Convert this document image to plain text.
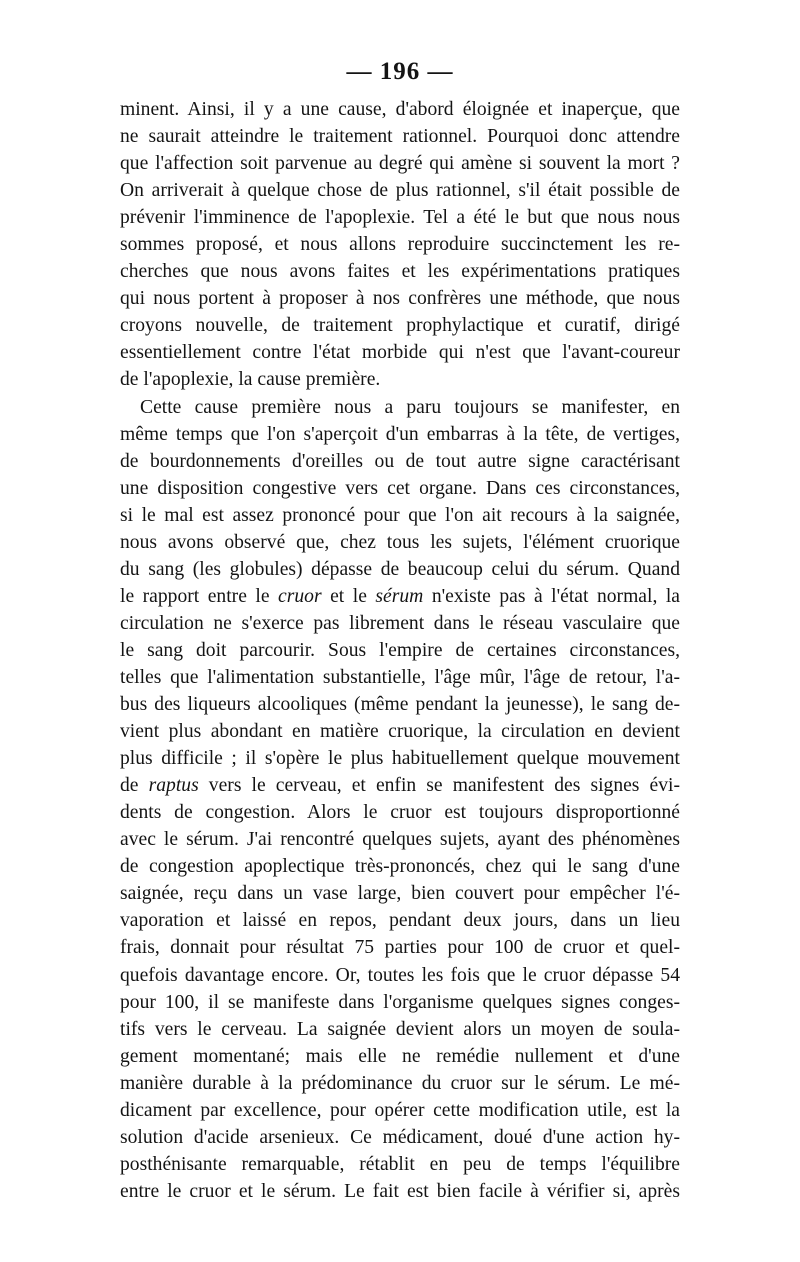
— 196 —
minent. Ainsi, il y a une cause, d'abord éloignée et inaperçue, que
ne saurait atteindre le traitement rationnel. Pourquoi donc attendre
que l'affection soit parvenue au degré qui amène si souvent la mort ?
On arriverait à quelque chose de plus rationnel, s'il était possible de
prévenir l'imminence de l'apoplexie. Tel a été le but que nous nous
sommes proposé, et nous allons reproduire succinctement les re-
cherches que nous avons faites et les expérimentations pratiques
qui nous portent à proposer à nos confrères une méthode, que nous
croyons nouvelle, de traitement prophylactique et curatif, dirigé
essentiellement contre l'état morbide qui n'est que l'avant-coureur
de l'apoplexie, la cause première.
Cette cause première nous a paru toujours se manifester, en
même temps que l'on s'aperçoit d'un embarras à la tête, de vertiges,
de bourdonnements d'oreilles ou de tout autre signe caractérisant
une disposition congestive vers cet organe. Dans ces circonstances,
si le mal est assez prononcé pour que l'on ait recours à la saignée,
nous avons observé que, chez tous les sujets, l'élément cruorique
du sang (les globules) dépasse de beaucoup celui du sérum. Quand
le rapport entre le cruor et le sérum n'existe pas à l'état normal, la
circulation ne s'exerce pas librement dans le réseau vasculaire que
le sang doit parcourir. Sous l'empire de certaines circonstances,
telles que l'alimentation substantielle, l'âge mûr, l'âge de retour, l'a-
bus des liqueurs alcooliques (même pendant la jeunesse), le sang de-
vient plus abondant en matière cruorique, la circulation en devient
plus difficile ; il s'opère le plus habituellement quelque mouvement
de raptus vers le cerveau, et enfin se manifestent des signes évi-
dents de congestion. Alors le cruor est toujours disproportionné
avec le sérum. J'ai rencontré quelques sujets, ayant des phénomènes
de congestion apoplectique très-prononcés, chez qui le sang d'une
saignée, reçu dans un vase large, bien couvert pour empêcher l'é-
vaporation et laissé en repos, pendant deux jours, dans un lieu
frais, donnait pour résultat 75 parties pour 100 de cruor et quel-
quefois davantage encore. Or, toutes les fois que le cruor dépasse 54
pour 100, il se manifeste dans l'organisme quelques signes conges-
tifs vers le cerveau. La saignée devient alors un moyen de soula-
gement momentané; mais elle ne remédie nullement et d'une
manière durable à la prédominance du cruor sur le sérum. Le mé-
dicament par excellence, pour opérer cette modification utile, est la
solution d'acide arsenieux. Ce médicament, doué d'une action hy-
posthénisante remarquable, rétablit en peu de temps l'équilibre
entre le cruor et le sérum. Le fait est bien facile à vérifier si, après
